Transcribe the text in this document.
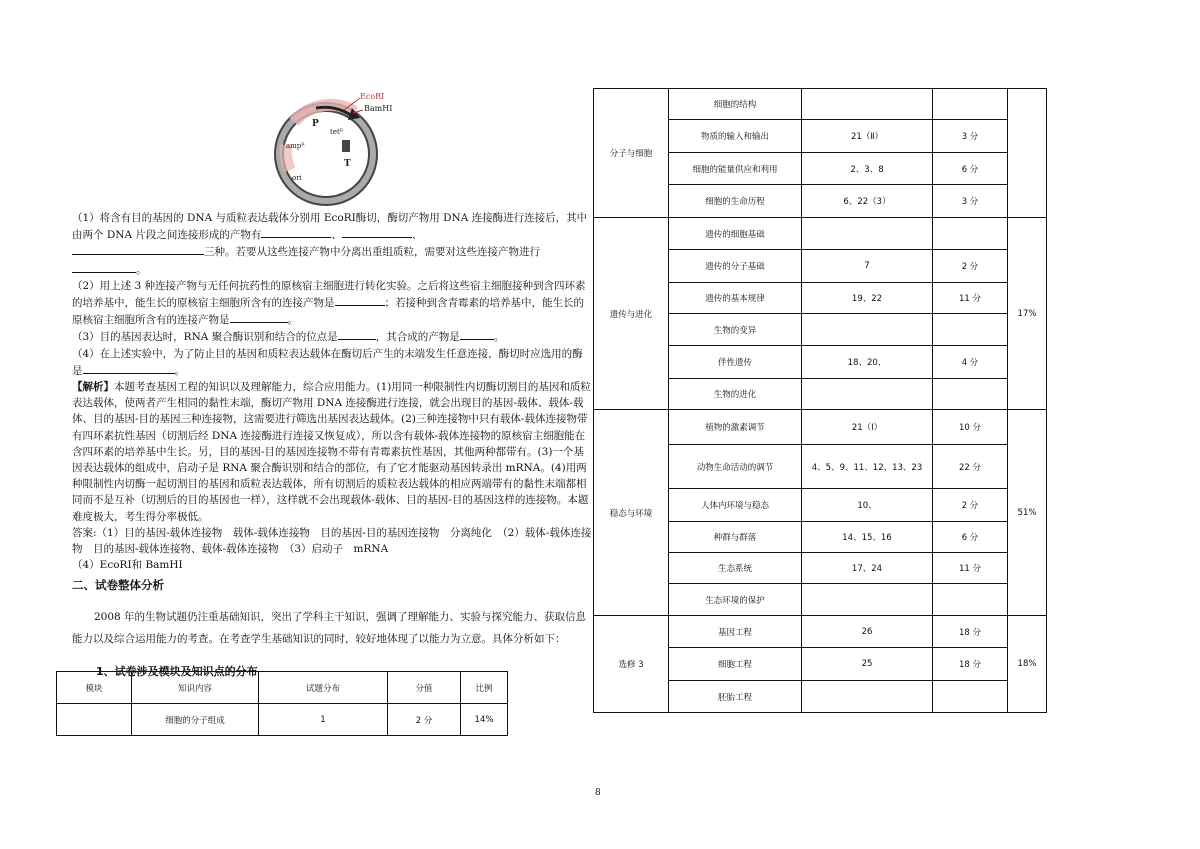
EcoRⅠ
BamHⅠ
P
tetᴿ
ampᴿ
T
ori

（1）将含有目的基因的 DNA 与质粒表达载体分别用 EcoRⅠ酶切，酶切产物用 DNA 连接酶进行连接后，其中由两个 DNA 片段之间连接形成的产物有	、	、
三种。若要从这些连接产物中分离出重组质粒，需要对这些连接产物进行。

（2）用上述 3 种连接产物与无任何抗药性的原核宿主细胞进行转化实验。之后将这些宿主细胞接种到含四环素的培养基中，能生长的原核宿主细胞所含有的连接产物是	；若接种到含青霉素的培养基中，能生长的原核宿主细胞所含有的连接产物是	。

（3）目的基因表达时，RNA 聚合酶识别和结合的位点是	，其合成的产物是	。

（4）在上述实验中，为了防止目的基因和质粒表达载体在酶切后产生的末端发生任意连接，酶切时应选用的酶是	。

【解析】本题考查基因工程的知识以及理解能力，综合应用能力。(1)用同一种限制性内切酶切割目的基因和质粒表达载体，使两者产生相同的黏性末端，酶切产物用 DNA 连接酶进行连接，就会出现目的基因-载体、载体-载体、目的基因-目的基因三种连接物，这需要进行筛选出基因表达载体。(2)三种连接物中只有载体-载体连接物带有四环素抗性基因（切割后经 DNA 连接酶进行连接又恢复成），所以含有载体-载体连接物的原核宿主细胞能在含四环素的培养基中生长。另，目的基因-目的基因连接物不带有青霉素抗性基因，其他两种都带有。(3)一个基因表达载体的组成中，启动子是 RNA 聚合酶识别和结合的部位，有了它才能驱动基因转录出 mRNA。(4)用两种限制性内切酶一起切割目的基因和质粒表达载体，所有切割后的质粒表达载体的相应两端带有的黏性末端都相同而不是互补（切割后的目的基因也一样），这样就不会出现载体-载体、目的基因-目的基因这样的连接物。本题难度极大，考生得分率极低。

答案:（1）目的基因-载体连接物　载体-载体连接物　目的基因-目的基因连接物　分离纯化　（2）载体-载体连接物　目的基因-载体连接物、载体-载体连接物　（3）启动子　mRNA

（4）EcoRⅠ和 BamHⅠ

二、试卷整体分析

2008 年的生物试题仍注重基础知识，突出了学科主干知识，强调了理解能力、实验与探究能力、获取信息能力以及综合运用能力的考查。在考查学生基础知识的同时，较好地体现了以能力为立意。具体分析如下：

1、试卷涉及模块及知识点的分布
模块	知识内容	试题分布	分值	比例
	细胞的分子组成	1	2 分	14%
分子与细胞	细胞的结构			
	物质的输入和输出	21（Ⅱ）	3 分	
	细胞的能量供应和利用	2、3、8	6 分	
	细胞的生命历程	6、22（3）	3 分	
遗传与进化	遗传的细胞基础			17%
	遗传的分子基础	7	2 分	
	遗传的基本规律	19、22	11 分	
	生物的变异			
	伴性遗传	18、20、	4 分	
	生物的进化			
稳态与环境	植物的激素调节	21（Ⅰ）	10 分	51%
	动物生命活动的调节	4、5、9、11、12、13、23	22 分	
	人体内环境与稳态	10、	2 分	
	种群与群落	14、15、16	6 分	
	生态系统	17、24	11 分	
	生态环境的保护			
选修 3	基因工程	26	18 分	18%
	细胞工程	25	18 分	
	胚胎工程			
8
